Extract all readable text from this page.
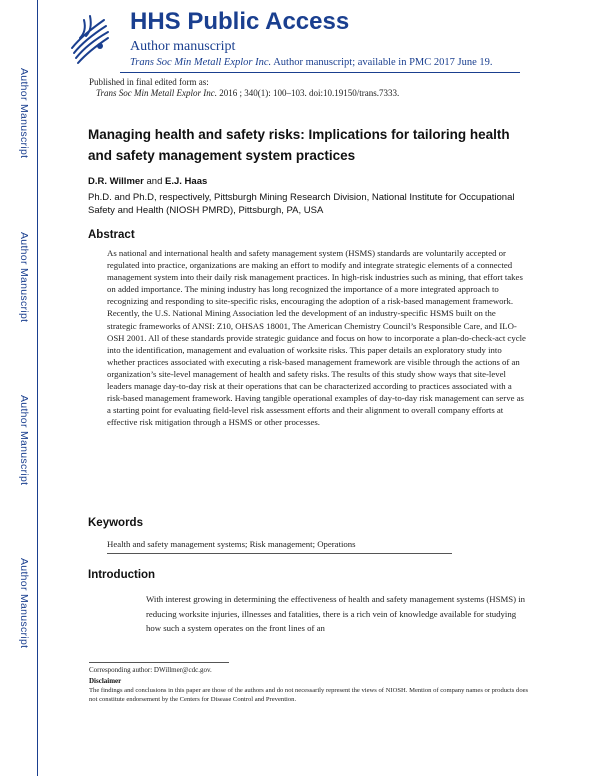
Author Manuscript
Author Manuscript
Author Manuscript
Author Manuscript
HHS Public Access
Author manuscript
Trans Soc Min Metall Explor Inc. Author manuscript; available in PMC 2017 June 19.
Published in final edited form as:
Trans Soc Min Metall Explor Inc. 2016 ; 340(1): 100–103. doi:10.19150/trans.7333.
Managing health and safety risks: Implications for tailoring health and safety management system practices
D.R. Willmer and E.J. Haas
Ph.D. and Ph.D, respectively, Pittsburgh Mining Research Division, National Institute for Occupational Safety and Health (NIOSH PMRD), Pittsburgh, PA, USA
Abstract
As national and international health and safety management system (HSMS) standards are voluntarily accepted or regulated into practice, organizations are making an effort to modify and integrate strategic elements of a connected management system into their daily risk management practices. In high-risk industries such as mining, that effort takes on added importance. The mining industry has long recognized the importance of a more integrated approach to recognizing and responding to site-specific risks, encouraging the adoption of a risk-based management framework. Recently, the U.S. National Mining Association led the development of an industry-specific HSMS built on the strategic frameworks of ANSI: Z10, OHSAS 18001, The American Chemistry Council’s Responsible Care, and ILO-OSH 2001. All of these standards provide strategic guidance and focus on how to incorporate a plan-do-check-act cycle into the identification, management and evaluation of worksite risks. This paper details an exploratory study into whether practices associated with executing a risk-based management framework are visible through the actions of an organization’s site-level management of health and safety risks. The results of this study show ways that site-level leaders manage day-to-day risk at their operations that can be characterized according to practices associated with a risk-based management framework. Having tangible operational examples of day-to-day risk management can serve as a starting point for evaluating field-level risk assessment efforts and their alignment to overall company efforts at effective risk mitigation through a HSMS or other processes.
Keywords
Health and safety management systems; Risk management; Operations
Introduction
With interest growing in determining the effectiveness of health and safety management systems (HSMS) in reducing worksite injuries, illnesses and fatalities, there is a rich vein of knowledge available for studying how such a system operates on the front lines of an
Corresponding author: DWillmer@cdc.gov.
Disclaimer
The findings and conclusions in this paper are those of the authors and do not necessarily represent the views of NIOSH. Mention of company names or products does not constitute endorsement by the Centers for Disease Control and Prevention.
